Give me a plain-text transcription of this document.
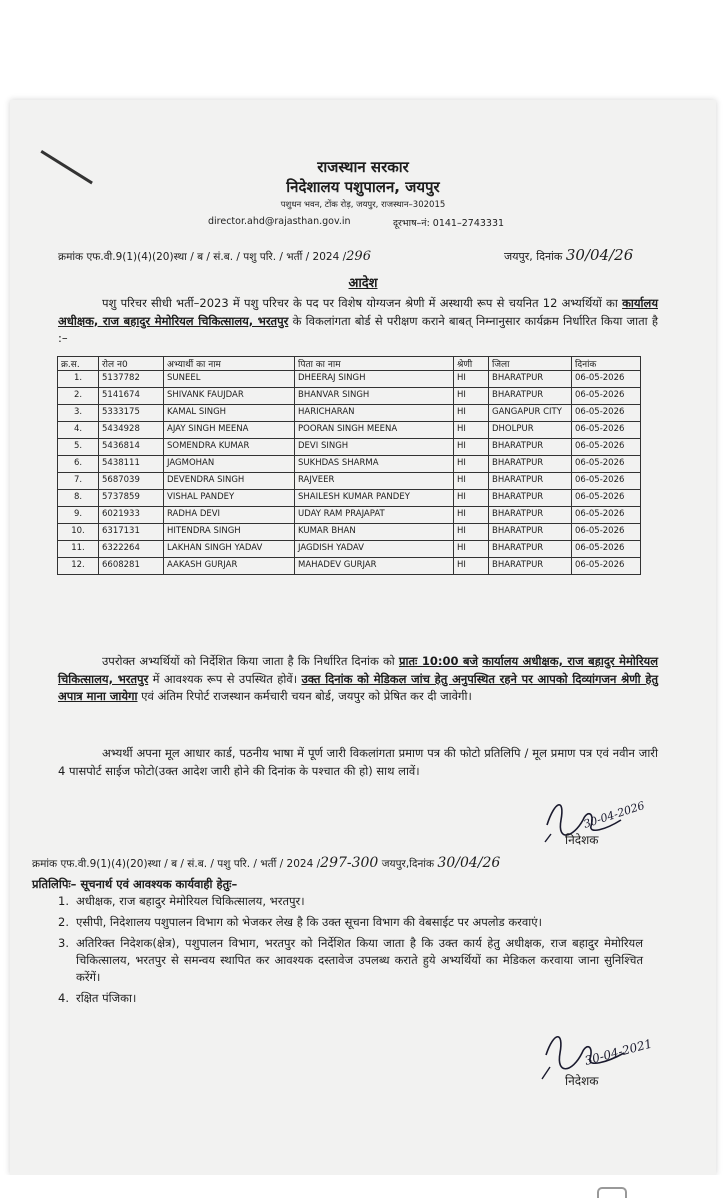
राजस्थान सरकार
निदेशालय पशुपालन, जयपुर
पशुधन भवन, टोंक रोड़, जयपुर, राजस्थान–302015
director.ahd@rajasthan.gov.in	दूरभाष–नं: 0141–2743331
क्रमांक एफ.वी.9(1)(4)(20)स्था / ब / सं.ब. / पशु परि. / भर्ती / 2024 /296	जयपुर, दिनांक 30/04/26
आदेश
पशु परिचर सीधी भर्ती–2023 में पशु परिचर के पद पर विशेष योग्यजन श्रेणी में अस्थायी रूप से चयनित 12 अभ्यर्थियों का कार्यालय अधीक्षक, राज बहादुर मेमोरियल चिकित्सालय, भरतपुर के विकलांगता बोर्ड से परीक्षण कराने बाबत् निम्नानुसार कार्यक्रम निर्धारित किया जाता है :–
क्र.स.	रोल न0	अभ्यार्थी का नाम	पिता का नाम	श्रेणी	जिला	दिनांक
1.	5137782	SUNEEL	DHEERAJ SINGH	HI	BHARATPUR	06-05-2026
2.	5141674	SHIVANK FAUJDAR	BHANVAR SINGH	HI	BHARATPUR	06-05-2026
3.	5333175	KAMAL SINGH	HARICHARAN	HI	GANGAPUR CITY	06-05-2026
4.	5434928	AJAY SINGH MEENA	POORAN SINGH MEENA	HI	DHOLPUR	06-05-2026
5.	5436814	SOMENDRA KUMAR	DEVI SINGH	HI	BHARATPUR	06-05-2026
6.	5438111	JAGMOHAN	SUKHDAS SHARMA	HI	BHARATPUR	06-05-2026
7.	5687039	DEVENDRA SINGH	RAJVEER	HI	BHARATPUR	06-05-2026
8.	5737859	VISHAL PANDEY	SHAILESH KUMAR PANDEY	HI	BHARATPUR	06-05-2026
9.	6021933	RADHA DEVI	UDAY RAM PRAJAPAT	HI	BHARATPUR	06-05-2026
10.	6317131	HITENDRA SINGH	KUMAR BHAN	HI	BHARATPUR	06-05-2026
11.	6322264	LAKHAN SINGH YADAV	JAGDISH YADAV	HI	BHARATPUR	06-05-2026
12.	6608281	AAKASH GURJAR	MAHADEV GURJAR	HI	BHARATPUR	06-05-2026
उपरोक्त अभ्यर्थियों को निर्देशित किया जाता है कि निर्धारित दिनांक को प्रातः 10:00 बजे कार्यालय अधीक्षक, राज बहादुर मेमोरियल चिकित्सालय, भरतपुर में आवश्यक रूप से उपस्थित होवें। उक्त दिनांक को मेडिकल जांच हेतु अनुपस्थित रहने पर आपको दिव्यांगजन श्रेणी हेतु अपात्र माना जायेगा एवं अंतिम रिपोर्ट राजस्थान कर्मचारी चयन बोर्ड, जयपुर को प्रेषित कर दी जावेगी।
अभ्यर्थी अपना मूल आधार कार्ड, पठनीय भाषा में पूर्ण जारी विकलांगता प्रमाण पत्र की फोटो प्रतिलिपि / मूल प्रमाण पत्र एवं नवीन जारी 4 पासपोर्ट साईज फोटो(उक्त आदेश जारी होने की दिनांक के पश्चात की हो) साथ लावें।
30-04-2026
निदेशक
क्रमांक एफ.वी.9(1)(4)(20)स्था / ब / सं.ब. / पशु परि. / भर्ती / 2024 /297-300 जयपुर,दिनांक 30/04/26
प्रतिलिपिः– सूचनार्थ एवं आवश्यक कार्यवाही हेतुः–
1. अधीक्षक, राज बहादुर मेमोरियल चिकित्सालय, भरतपुर।
2. एसीपी, निदेशालय पशुपालन विभाग को भेजकर लेख है कि उक्त सूचना विभाग की वेबसाईट पर अपलोड करवाएं।
3. अतिरिक्त निदेशक(क्षेत्र), पशुपालन विभाग, भरतपुर को निर्देशित किया जाता है कि उक्त कार्य हेतु अधीक्षक, राज बहादुर मेमोरियल चिकित्सालय, भरतपुर से समन्वय स्थापित कर आवश्यक दस्तावेज उपलब्ध कराते हुये अभ्यर्थियों का मेडिकल करवाया जाना सुनिश्चित करेंगें।
4. रक्षित पंजिका।
30-04-2021
निदेशक
